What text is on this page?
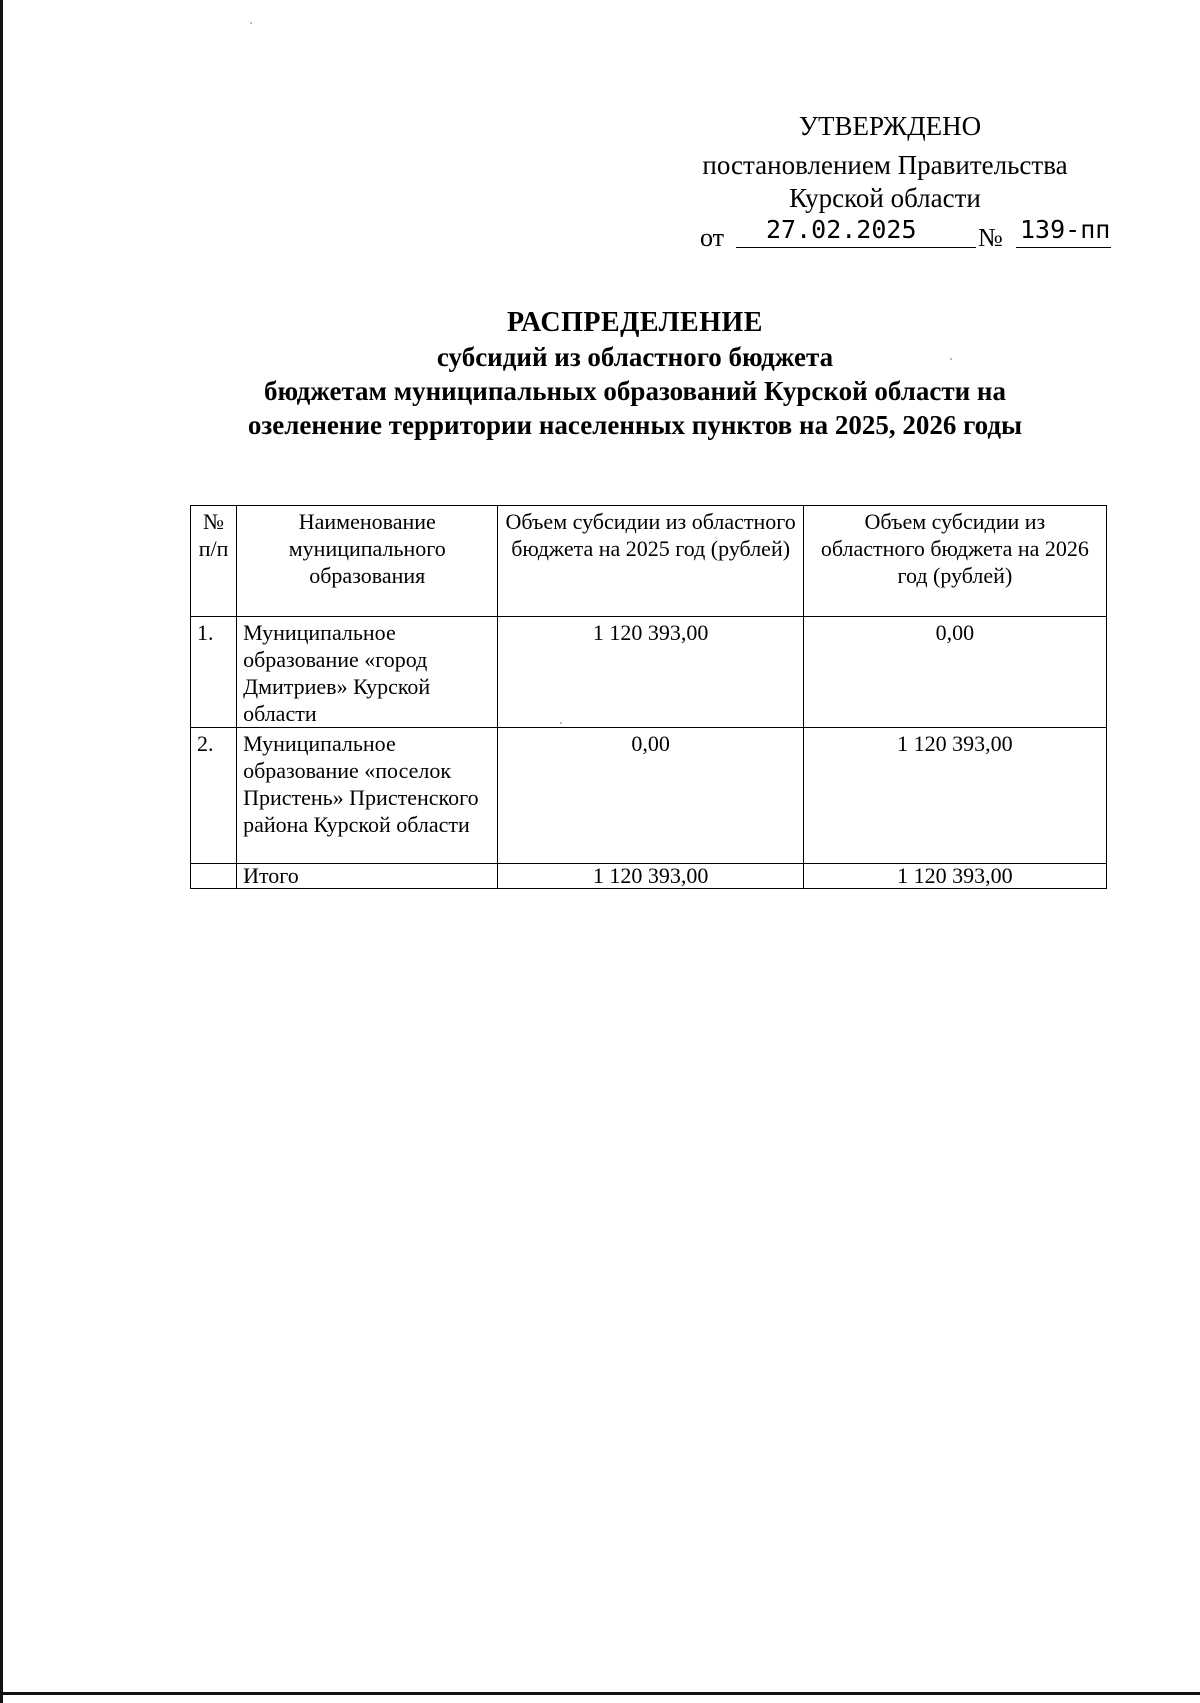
УТВЕРЖДЕНО
постановлением Правительства
Курской области
от	27.02.2025	№ 139-пп
РАСПРЕДЕЛЕНИЕ
субсидий из областного бюджета
бюджетам муниципальных образований Курской области на
озеленение территории населенных пунктов на 2025, 2026 годы
№ п/п	Наименование муниципального образования	Объем субсидии из областного бюджета на 2025 год (рублей)	Объем субсидии из областного бюджета на 2026 год (рублей)
1.	Муниципальное образование «город Дмитриев» Курской области	1 120 393,00	0,00
2.	Муниципальное образование «поселок Пристень» Пристенского района Курской области	0,00	1 120 393,00
	Итого	1 120 393,00	1 120 393,00
